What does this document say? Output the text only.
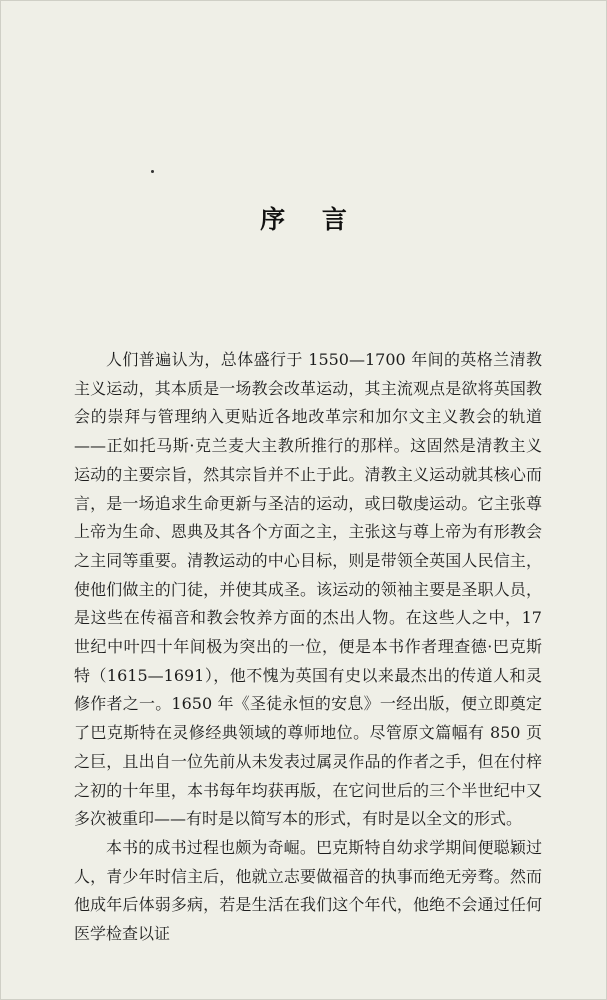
序 言

人们普遍认为，总体盛行于 1550—1700 年间的英格兰清教主义运动，其本质是一场教会改革运动，其主流观点是欲将英国教会的崇拜与管理纳入更贴近各地改革宗和加尔文主义教会的轨道——正如托马斯·克兰麦大主教所推行的那样。这固然是清教主义运动的主要宗旨，然其宗旨并不止于此。清教主义运动就其核心而言，是一场追求生命更新与圣洁的运动，或曰敬虔运动。它主张尊上帝为生命、恩典及其各个方面之主，主张这与尊上帝为有形教会之主同等重要。清教运动的中心目标，则是带领全英国人民信主，使他们做主的门徒，并使其成圣。该运动的领袖主要是圣职人员，是这些在传福音和教会牧养方面的杰出人物。在这些人之中，17 世纪中叶四十年间极为突出的一位，便是本书作者理查德·巴克斯特（1615—1691），他不愧为英国有史以来最杰出的传道人和灵修作者之一。1650 年《圣徒永恒的安息》一经出版，便立即奠定了巴克斯特在灵修经典领域的尊师地位。尽管原文篇幅有 850 页之巨，且出自一位先前从未发表过属灵作品的作者之手，但在付梓之初的十年里，本书每年均获再版，在它问世后的三个半世纪中又多次被重印——有时是以简写本的形式，有时是以全文的形式。

本书的成书过程也颇为奇崛。巴克斯特自幼求学期间便聪颖过人，青少年时信主后，他就立志要做福音的执事而绝无旁骛。然而他成年后体弱多病，若是生活在我们这个年代，他绝不会通过任何医学检查以证
